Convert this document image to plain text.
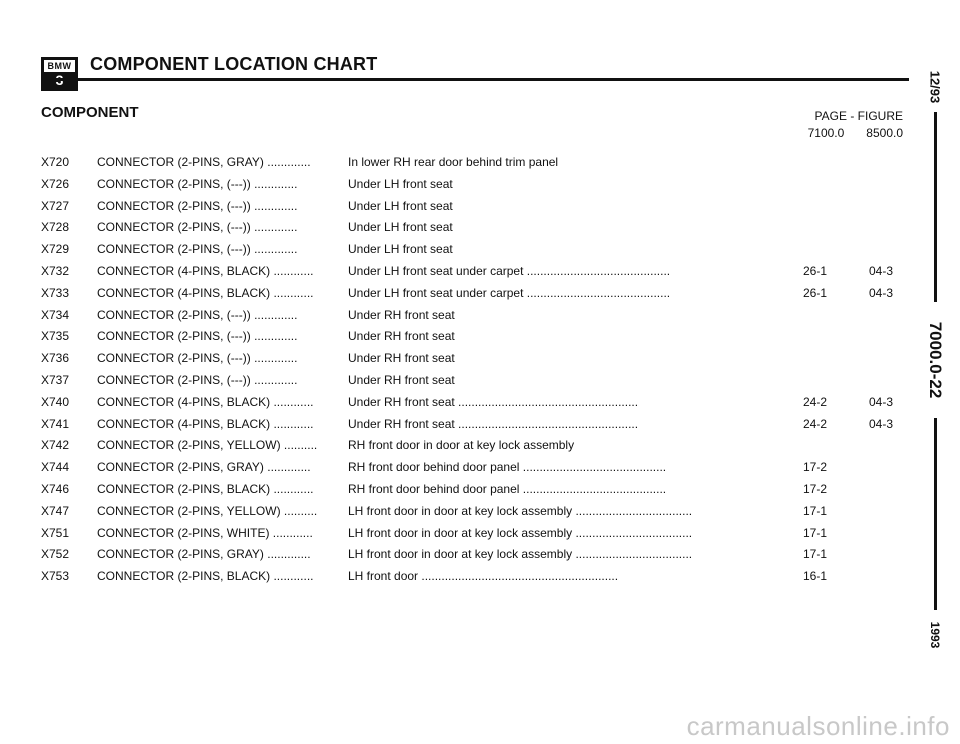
BMW COMPONENT LOCATION CHART
COMPONENT	PAGE - FIGURE
7100.0 8500.0
X720	CONNECTOR (2-PINS, GRAY) .............	In lower RH rear door behind trim panel
X726	CONNECTOR (2-PINS, (---)) .............	Under LH front seat
X727	CONNECTOR (2-PINS, (---)) .............	Under LH front seat
X728	CONNECTOR (2-PINS, (---)) .............	Under LH front seat
X729	CONNECTOR (2-PINS, (---)) .............	Under LH front seat
X732	CONNECTOR (4-PINS, BLACK) ............	Under LH front seat under carpet ...........................................	26-1	04-3
X733	CONNECTOR (4-PINS, BLACK) ............	Under LH front seat under carpet ...........................................	26-1	04-3
X734	CONNECTOR (2-PINS, (---)) .............	Under RH front seat
X735	CONNECTOR (2-PINS, (---)) .............	Under RH front seat
X736	CONNECTOR (2-PINS, (---)) .............	Under RH front seat
X737	CONNECTOR (2-PINS, (---)) .............	Under RH front seat
X740	CONNECTOR (4-PINS, BLACK) ............	Under RH front seat ......................................................	24-2	04-3
X741	CONNECTOR (4-PINS, BLACK) ............	Under RH front seat ......................................................	24-2	04-3
X742	CONNECTOR (2-PINS, YELLOW) ..........	RH front door in door at key lock assembly
X744	CONNECTOR (2-PINS, GRAY) .............	RH front door behind door panel ...........................................	17-2
X746	CONNECTOR (2-PINS, BLACK) ............	RH front door behind door panel ...........................................	17-2
X747	CONNECTOR (2-PINS, YELLOW) ..........	LH front door in door at key lock assembly ...................................	17-1
X751	CONNECTOR (2-PINS, WHITE) ............	LH front door in door at key lock assembly ...................................	17-1
X752	CONNECTOR (2-PINS, GRAY) .............	LH front door in door at key lock assembly ...................................	17-1
X753	CONNECTOR (2-PINS, BLACK) ............	LH front door ...........................................................	16-1
12/93
7000.0-22
1993
carmanualsonline.info
